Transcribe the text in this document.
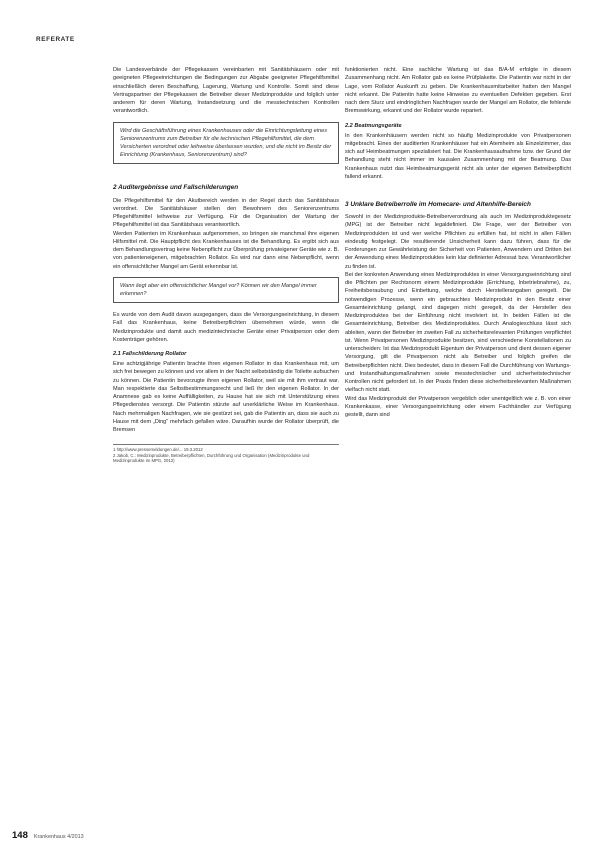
REFERATE

Die Landesverbände der Pflegekassen vereinbarten mit Sanitätshäusern oder mit geeigneten Pflegeeinrichtungen die Bedingungen zur Abgabe geeigneter Pflegehilfsmittel einschließlich deren Beschaffung, Lagerung, Wartung und Kontrolle. Somit sind diese Vertragspartner der Pflegekassen die Betreiber dieser Medizinprodukte und folglich unter anderem für deren Wartung, Instandsetzung und die messtechnischen Kontrollen verantwortlich.

Wird die Geschäftsführung eines Krankenhauses oder die Einrichtungsleitung eines Seniorenzentrums zum Betreiber für die technischen Pflegehilfsmittel, die dem Versicherten verordnet oder leihweise überlassen wurden, und die nicht im Besitz der Einrichtung (Krankenhaus, Seniorenzentrum) sind?
2 Auditergebnisse und Fallschilderungen

Die Pflegehilfsmittel für den Akutbereich werden in der Regel durch das Sanitätshaus verordnet. Die Sanitätshäuser stellen den Bewohnern des Seniorenzentrums Pflegehilfsmittel leihweise zur Verfügung. Für die Organisation der Wartung der Pflegehilfsmittel ist das Sanitätshaus verantwortlich.

Werden Patienten im Krankenhaus aufgenommen, so bringen sie manchmal ihre eigenen Hilfsmittel mit. Die Hauptpflicht des Krankenhauses ist die Behandlung. Es ergibt sich aus dem Behandlungsvertrag keine Nebenpflicht zur Überprüfung privateigener Geräte wie z. B. von patienteneigenen, mitgebrachten Rollator. Es wird nur dann eine Nebenpflicht, wenn ein offensichtlicher Mangel am Gerät erkennbar ist.

Wann liegt aber ein offensichtlicher Mangel vor? Können wir den Mangel immer erkennen?

Es wurde von dem Audit davon ausgegangen, dass die Versorgungseinrichtung, in diesem Fall das Krankenhaus, keine Betreiberpflichten übernehmen würde, wenn die Medizinprodukte und damit auch medizintechnische Geräte einer Privatperson oder dem Kostenträger gehören.

2.1 Fallschilderung Rollator

Eine achtzigjährige Patientin brachte ihren eigenen Rollator in das Krankenhaus mit, um sich frei bewegen zu können und vor allem in der Nacht selbstständig die Toilette aufsuchen zu können. Die Patientin bevorzugte ihren eigenen Rollator, weil sie mit ihm vertraut war. Man respektierte das Selbstbestimmungsrecht und ließ ihr den eigenen Rollator. In der Anamnese gab es keine Auffälligkeiten, zu Hause hat sie sich mit Unterstützung eines Pflegedienstes versorgt. Die Patientin stürzte auf unerklärliche Weise im Krankenhaus. Nach mehrmaligen Nachfragen, wie sie gestürzt sei, gab die Patientin an, dass sie auch zu Hause mit dem „Ding“ mehrfach gefallen wäre. Daraufhin wurde der Rollator überprüft, die Bremsen

1 http://www.pressemeldungen.de/... 19.3.2012

2 Jakob, C.: Medizinprodukte, Betreiberpflichten, Durchführung und Organisation (Medizinprodukte und Medizinprodukte im MPG, 2012)

funktionierten nicht. Eine sachliche Wartung ist das B/A-M erfolgte in diesem Zusammenhang nicht. Am Rollator gab es keine Prüfplakette. Die Patientin war nicht in der Lage, vom Rollator Auskunft zu geben. Die Krankenhausmitarbeiter hatten den Mangel nicht erkannt. Die Patientin hatte keine Hinweise zu eventuellen Defekten gegeben. Erst nach dem Sturz und eindringlichen Nachfragen wurde der Mangel am Rollator, die fehlende Bremswirkung, erkannt und der Rollator wurde repariert.

2.2 Beatmungsgeräte

In den Krankenhäusern werden nicht so häufig Medizinprodukte von Privatpersonen mitgebracht. Eines der auditierten Krankenhäuser hat ein Atemheim als Einzelzimmer, das sich auf Heimbeatmungen spezialisiert hat. Die Krankenhausaufnahme bzw. der Grund der Behandlung steht nicht immer im kausalen Zusammenhang mit der Beatmung. Das Krankenhaus nutzt das Heimbeatmungsgerät nicht als unter der eigenen Betreiberpflicht fallend erkannt.

3 Unklare Betreiberrolle im Homecare- und Altenhilfe-Bereich

Sowohl in der Medizinprodukte-Betreiberverordnung als auch im Medizinproduktegesetz (MPG) ist der Betreiber nicht legaldefiniert. Die Frage, wer der Betreiber von Medizinprodukten ist und wer welche Pflichten zu erfüllen hat, ist nicht in allen Fällen eindeutig festgelegt. Die resultierende Unsicherheit kann dazu führen, dass für die Forderungen zur Gewährleistung der Sicherheit von Patienten, Anwendern und Dritten bei der Anwendung eines Medizinproduktes kein klar definierter Adressat bzw. Verantwortlicher zu finden ist.

Bei der konkreten Anwendung eines Medizinproduktes in einer Versorgungseinrichtung sind die Pflichten per Rechtsnorm einem Medizinprodukte (Errichtung, Inbetriebnahme), zu, Freiheitsberaubung und Einbettung, welche durch Herstellerangaben geregelt. Die notwendigen Prozesse, wenn ein gebrauchtes Medizinprodukt in den Besitz einer Gesamteinrichtung gelangt, sind dagegen nicht geregelt, da der Hersteller des Medizinproduktes bei der Einführung nicht involviert ist. In beiden Fällen ist die Gesamteinrichtung, Betreiber des Medizinproduktes. Durch Analogieschluss lässt sich ableiten, wann der Betreiber im zweiten Fall zu sicherheitsrelevanten Prüfungen verpflichtet ist. Wenn Privatpersonen Medizinprodukte besitzen, sind verschiedene Konstellationen zu unterscheiden: Ist das Medizinprodukt Eigentum der Privatperson und dient dessen eigener Versorgung, gilt die Privatperson nicht als Betreiber und folglich greifen die Betreiberpflichten nicht. Dies bedeutet, dass in diesem Fall die Durchführung von Wartungs- und Instandhaltungsmaßnahmen sowie messtechnischer und sicherheitstechnischer Kontrollen nicht gefordert ist. In der Praxis finden diese sicherheitsrelevanten Maßnahmen vielfach nicht statt.

Wird das Medizinprodukt der Privatperson vergeblich oder unentgeltlich wie z. B. von einer Krankenkasse, einer Versorgungseinrichtung oder einem Fachhändler zur Verfügung gestellt, dann sind

148 Krankenhaus 4/2013
